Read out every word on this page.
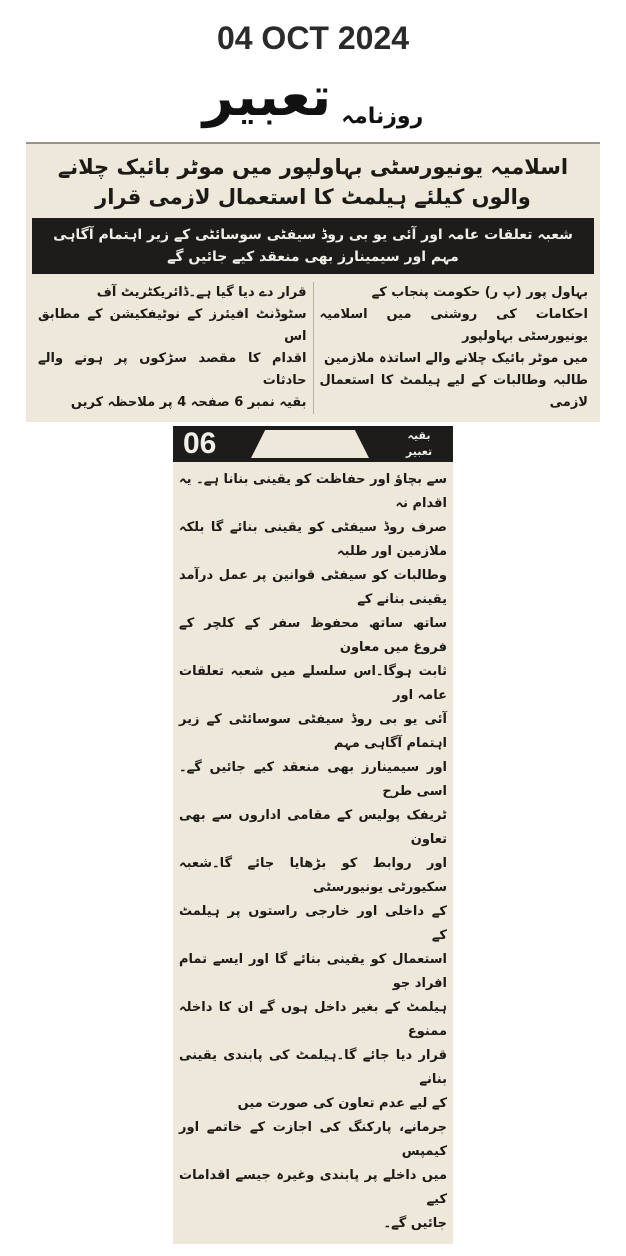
04 OCT 2024
روزنامہ
تعبیر
اسلامیہ یونیورسٹی بہاولپور میں موٹر بائیک چلانے والوں کیلئے ہیلمٹ کا استعمال لازمی قرار
شعبہ تعلقات عامہ اور آئی یو بی روڈ سیفٹی سوسائٹی کے زیر اہتمام آگاہی مہم اور سیمینارز بھی منعقد کیے جائیں گے
بہاول پور (پ ر) حکومت پنجاب کے
احکامات کی روشنی میں اسلامیہ یونیورسٹی بہاولپور
میں موٹر بائیک چلانے والے اساتذہ ملازمین
طالبہ وطالبات کے لیے ہیلمٹ کا استعمال لازمی
قرار دے دیا گیا ہے۔ڈائریکٹریٹ آف
سٹوڈنٹ افیئرز کے نوٹیفکیشن کے مطابق اس
اقدام کا مقصد سڑکوں پر ہونے والے حادثات
بقیہ نمبر 6 صفحہ 4 پر ملاحظہ کریں
06	بقیہ
تعبیر
سے بچاؤ اور حفاظت کو یقینی بنانا ہے۔ یہ اقدام نہ
صرف روڈ سیفٹی کو یقینی بنائے گا بلکہ ملازمین اور طلبہ
وطالبات کو سیفٹی قوانین پر عمل درآمد یقینی بنانے کے
ساتھ ساتھ محفوظ سفر کے کلچر کے فروغ میں معاون
ثابت ہوگا۔اس سلسلے میں شعبہ تعلقات عامہ اور
آئی یو بی روڈ سیفٹی سوسائٹی کے زیر اہتمام آگاہی مہم
اور سیمینارز بھی منعقد کیے جائیں گے۔اسی طرح
ٹریفک پولیس کے مقامی اداروں سے بھی تعاون
اور روابط کو بڑھایا جائے گا۔شعبہ سکیورٹی یونیورسٹی
کے داخلی اور خارجی راستوں پر ہیلمٹ کے
استعمال کو یقینی بنائے گا اور ایسے تمام افراد جو
ہیلمٹ کے بغیر داخل ہوں گے ان کا داخلہ ممنوع
قرار دیا جائے گا۔ہیلمٹ کی پابندی یقینی بنانے
کے لیے عدم تعاون کی صورت میں
جرمانے، پارکنگ کی اجازت کے خاتمے اور کیمپس
میں داخلے پر پابندی وغیرہ جیسے اقدامات کیے
جائیں گے۔
